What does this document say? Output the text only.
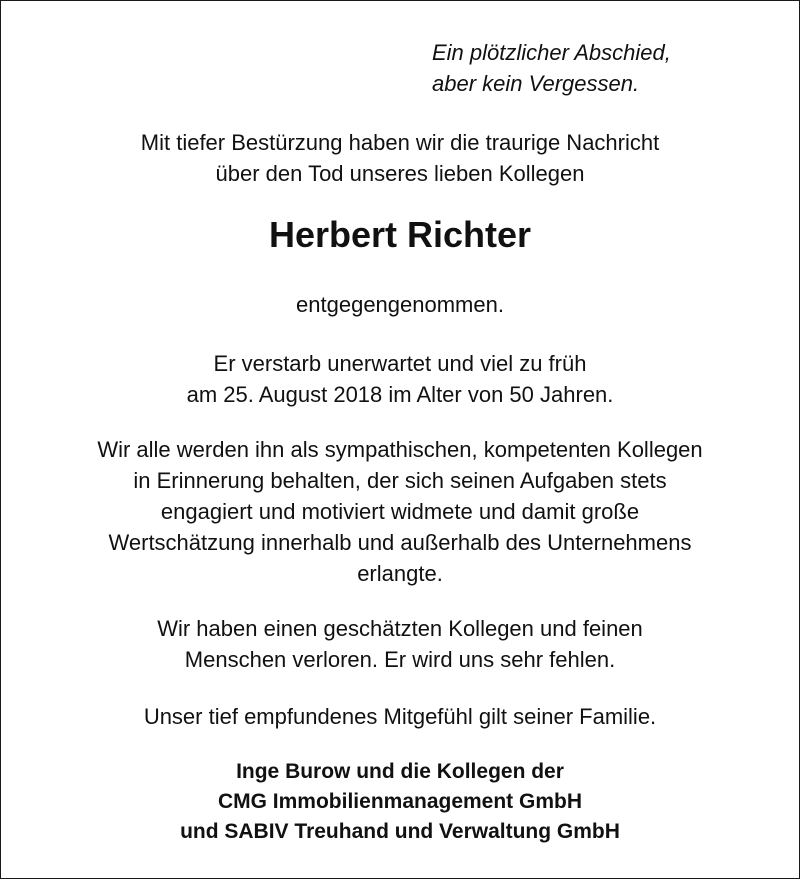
Ein plötzlicher Abschied,
aber kein Vergessen.
Mit tiefer Bestürzung haben wir die traurige Nachricht
über den Tod unseres lieben Kollegen
Herbert Richter
entgegengenommen.
Er verstarb unerwartet und viel zu früh
am 25. August 2018 im Alter von 50 Jahren.
Wir alle werden ihn als sympathischen, kompetenten Kollegen
in Erinnerung behalten, der sich seinen Aufgaben stets
engagiert und motiviert widmete und damit große
Wertschätzung innerhalb und außerhalb des Unternehmens
erlangte.
Wir haben einen geschätzten Kollegen und feinen
Menschen verloren. Er wird uns sehr fehlen.
Unser tief empfundenes Mitgefühl gilt seiner Familie.
Inge Burow und die Kollegen der
CMG Immobilienmanagement GmbH
und SABIV Treuhand und Verwaltung GmbH
